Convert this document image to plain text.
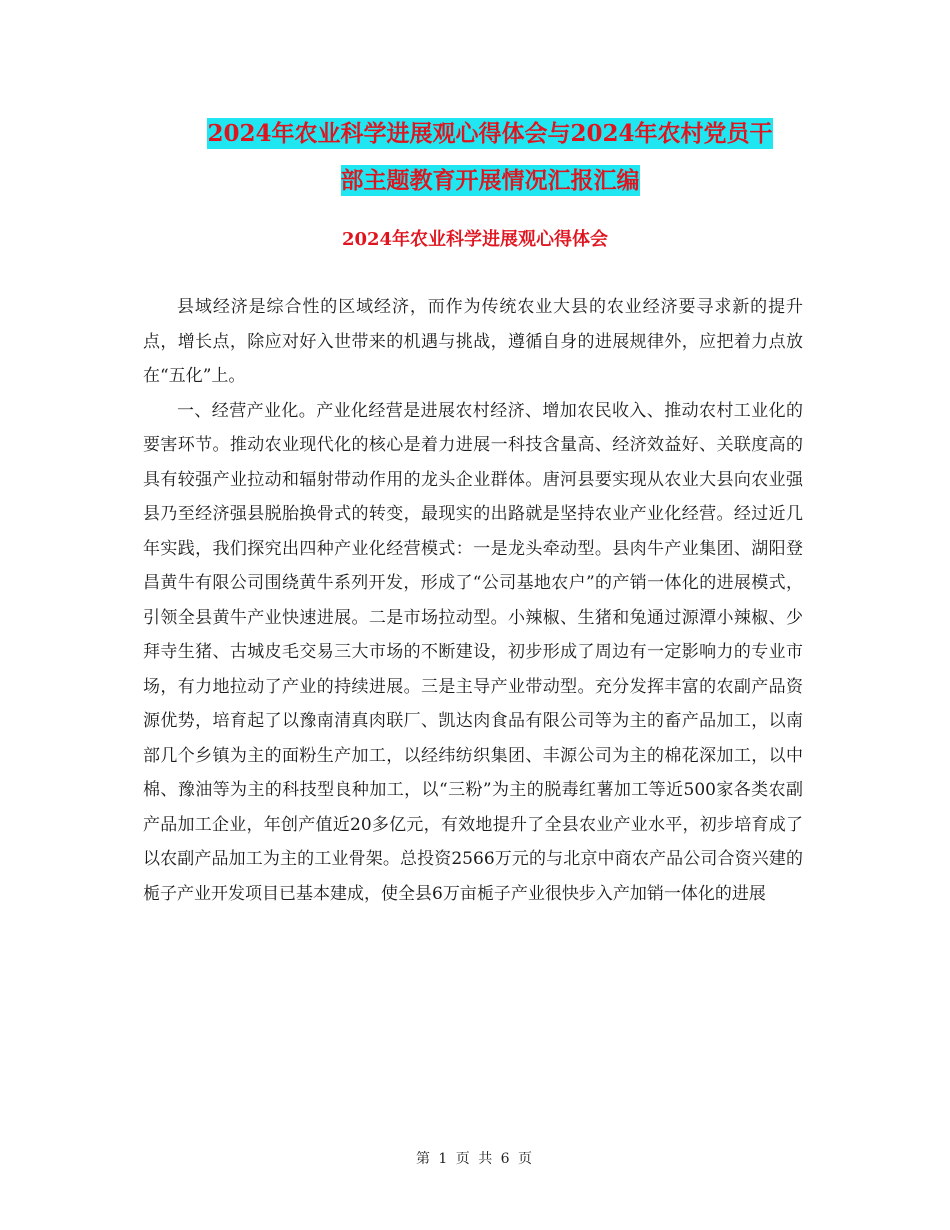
2024年农业科学进展观心得体会与2024年农村党员干
部主题教育开展情况汇报汇编
2024年农业科学进展观心得体会

县域经济是综合性的区域经济，而作为传统农业大县的农业经济要寻求新的提升点，增长点，除应对好入世带来的机遇与挑战，遵循自身的进展规律外，应把着力点放在“五化”上。

一、经营产业化。产业化经营是进展农村经济、增加农民收入、推动农村工业化的要害环节。推动农业现代化的核心是着力进展一科技含量高、经济效益好、关联度高的具有较强产业拉动和辐射带动作用的龙头企业群体。唐河县要实现从农业大县向农业强县乃至经济强县脱胎换骨式的转变，最现实的出路就是坚持农业产业化经营。经过近几年实践，我们探究出四种产业化经营模式：一是龙头牵动型。县肉牛产业集团、湖阳登昌黄牛有限公司围绕黄牛系列开发，形成了“公司基地农户”的产销一体化的进展模式，引领全县黄牛产业快速进展。二是市场拉动型。小辣椒、生猪和兔通过源潭小辣椒、少拜寺生猪、古城皮毛交易三大市场的不断建设，初步形成了周边有一定影响力的专业市场，有力地拉动了产业的持续进展。三是主导产业带动型。充分发挥丰富的农副产品资源优势，培育起了以豫南清真肉联厂、凯达肉食品有限公司等为主的畜产品加工，以南部几个乡镇为主的面粉生产加工，以经纬纺织集团、丰源公司为主的棉花深加工，以中棉、豫油等为主的科技型良种加工，以“三粉”为主的脱毒红薯加工等近500家各类农副产品加工企业，年创产值近20多亿元，有效地提升了全县农业产业水平，初步培育成了以农副产品加工为主的工业骨架。总投资2566万元的与北京中商农产品公司合资兴建的栀子产业开发项目已基本建成，使全县6万亩栀子产业很快步入产加销一体化的进展

第 1 页 共 6 页
